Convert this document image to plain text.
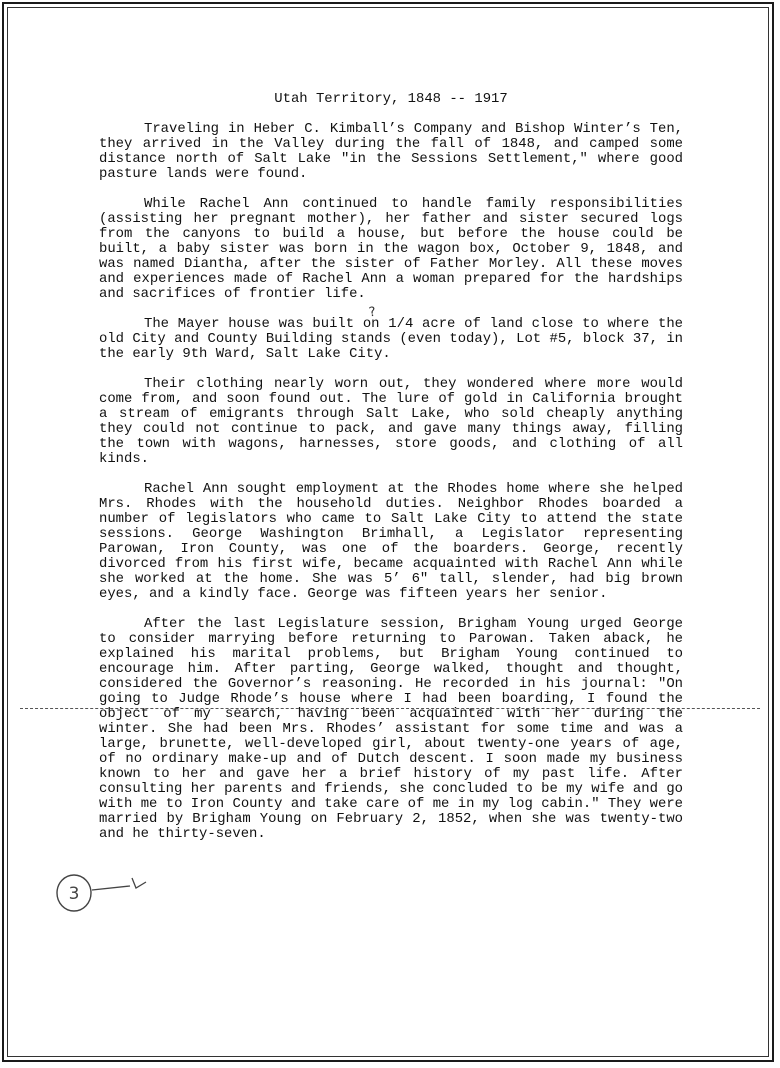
Utah Territory, 1848 -- 1917

Traveling in Heber C. Kimball’s Company and Bishop Winter’s Ten, they arrived in the Valley during the fall of 1848, and camped some distance north of Salt Lake "in the Sessions Settlement," where good pasture lands were found.

While Rachel Ann continued to handle family responsibilities (assisting her pregnant mother), her father and sister secured logs from the canyons to build a house, but before the house could be built, a baby sister was born in the wagon box, October 9, 1848, and was named Diantha, after the sister of Father Morley. All these moves and experiences made of Rachel Ann a woman prepared for the hardships and sacrifices of frontier life.

The Mayer house was built on 1/4 acre of land close to where the old City and County Building stands (even today), Lot #5, block 37, in the early 9th Ward, Salt Lake City.

Their clothing nearly worn out, they wondered where more would come from, and soon found out. The lure of gold in California brought a stream of emigrants through Salt Lake, who sold cheaply anything they could not continue to pack, and gave many things away, filling the town with wagons, harnesses, store goods, and clothing of all kinds.

Rachel Ann sought employment at the Rhodes home where she helped Mrs. Rhodes with the household duties. Neighbor Rhodes boarded a number of legislators who came to Salt Lake City to attend the state sessions. George Washington Brimhall, a Legislator representing Parowan, Iron County, was one of the boarders. George, recently divorced from his first wife, became acquainted with Rachel Ann while she worked at the home. She was 5’ 6" tall, slender, had big brown eyes, and a kindly face. George was fifteen years her senior.

After the last Legislature session, Brigham Young urged George to consider marrying before returning to Parowan. Taken aback, he explained his marital problems, but Brigham Young continued to encourage him. After parting, George walked, thought and thought, considered the Governor’s reasoning. He recorded in his journal: "On going to Judge Rhode’s house where I had been boarding, I found the object of my search, having been acquainted with her during the winter. She had been Mrs. Rhodes’ assistant for some time and was a large, brunette, well-developed girl, about twenty-one years of age, of no ordinary make-up and of Dutch descent. I soon made my business known to her and gave her a brief history of my past life. After consulting her parents and friends, she concluded to be my wife and go with me to Iron County and take care of me in my log cabin." They were married by Brigham Young on February 2, 1852, when she was twenty-two and he thirty-seven.

?
3
